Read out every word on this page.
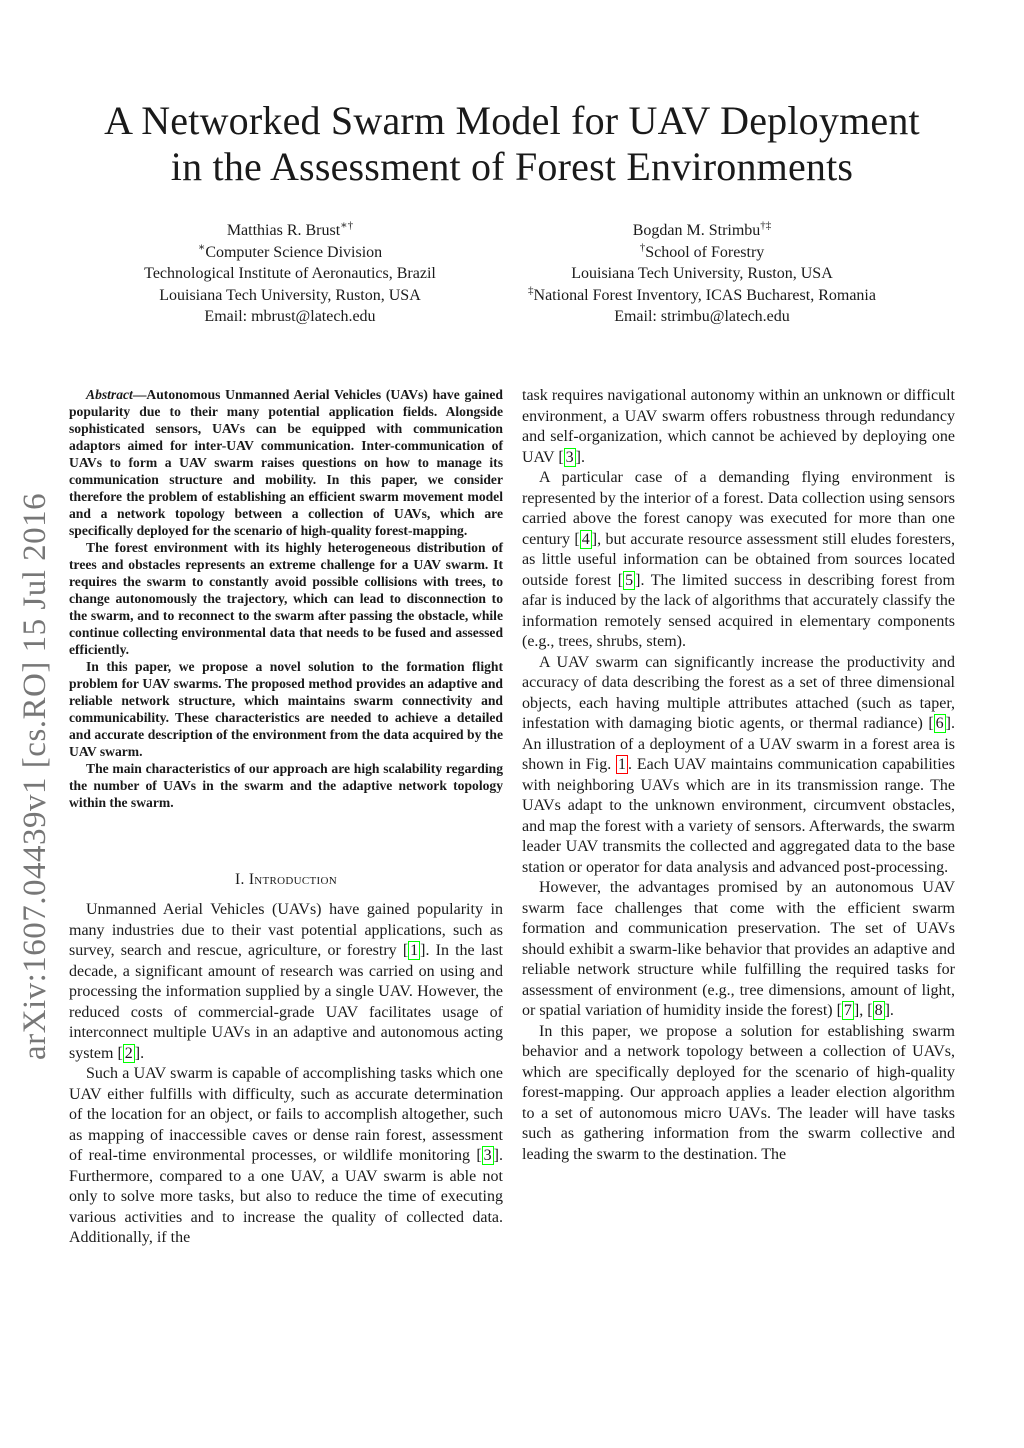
A Networked Swarm Model for UAV Deployment
in the Assessment of Forest Environments
Matthias R. Brust∗†
∗Computer Science Division
Technological Institute of Aeronautics, Brazil
Louisiana Tech University, Ruston, USA
Email: mbrust@latech.edu
Bogdan M. Strimbu†‡
†School of Forestry
Louisiana Tech University, Ruston, USA
‡National Forest Inventory, ICAS Bucharest, Romania
Email: strimbu@latech.edu
arXiv:1607.04439v1 [cs.RO] 15 Jul 2016

Abstract—Autonomous Unmanned Aerial Vehicles (UAVs) have gained popularity due to their many potential application fields. Alongside sophisticated sensors, UAVs can be equipped with communication adaptors aimed for inter-UAV communication. Inter-communication of UAVs to form a UAV swarm raises questions on how to manage its communication structure and mobility. In this paper, we consider therefore the problem of establishing an efficient swarm movement model and a network topology between a collection of UAVs, which are specifically deployed for the scenario of high-quality forest-mapping.

The forest environment with its highly heterogeneous distribution of trees and obstacles represents an extreme challenge for a UAV swarm. It requires the swarm to constantly avoid possible collisions with trees, to change autonomously the trajectory, which can lead to disconnection to the swarm, and to reconnect to the swarm after passing the obstacle, while continue collecting environmental data that needs to be fused and assessed efficiently.

In this paper, we propose a novel solution to the formation flight problem for UAV swarms. The proposed method provides an adaptive and reliable network structure, which maintains swarm connectivity and communicability. These characteristics are needed to achieve a detailed and accurate description of the environment from the data acquired by the UAV swarm.

The main characteristics of our approach are high scalability regarding the number of UAVs in the swarm and the adaptive network topology within the swarm.

I. Introduction

Unmanned Aerial Vehicles (UAVs) have gained popularity in many industries due to their vast potential applications, such as survey, search and rescue, agriculture, or forestry [ 1 ]. In the last decade, a significant amount of research was carried on using and processing the information supplied by a single UAV. However, the reduced costs of commercial-grade UAV facilitates usage of interconnect multiple UAVs in an adaptive and autonomous acting system [ 2 ].

Such a UAV swarm is capable of accomplishing tasks which one UAV either fulfills with difficulty, such as accurate determination of the location for an object, or fails to accomplish altogether, such as mapping of inaccessible caves or dense rain forest, assessment of real-time environmental processes, or wildlife monitoring [ 3 ]. Furthermore, compared to a one UAV, a UAV swarm is able not only to solve more tasks, but also to reduce the time of executing various activities and to increase the quality of collected data. Additionally, if the

task requires navigational autonomy within an unknown or difficult environment, a UAV swarm offers robustness through redundancy and self-organization, which cannot be achieved by deploying one UAV [ 3 ].

A particular case of a demanding flying environment is represented by the interior of a forest. Data collection using sensors carried above the forest canopy was executed for more than one century [ 4 ], but accurate resource assessment still eludes foresters, as little useful information can be obtained from sources located outside forest [ 5 ]. The limited success in describing forest from afar is induced by the lack of algorithms that accurately classify the information remotely sensed acquired in elementary components (e.g., trees, shrubs, stem).

A UAV swarm can significantly increase the productivity and accuracy of data describing the forest as a set of three dimensional objects, each having multiple attributes attached (such as taper, infestation with damaging biotic agents, or thermal radiance) [ 6 ]. An illustration of a deployment of a UAV swarm in a forest area is shown in Fig. 1 . Each UAV maintains communication capabilities with neighboring UAVs which are in its transmission range. The UAVs adapt to the unknown environment, circumvent obstacles, and map the forest with a variety of sensors. Afterwards, the swarm leader UAV transmits the collected and aggregated data to the base station or operator for data analysis and advanced post-processing.

However, the advantages promised by an autonomous UAV swarm face challenges that come with the efficient swarm formation and communication preservation. The set of UAVs should exhibit a swarm-like behavior that provides an adaptive and reliable network structure while fulfilling the required tasks for assessment of environment (e.g., tree dimensions, amount of light, or spatial variation of humidity inside the forest) [ 7 ], [ 8 ].

In this paper, we propose a solution for establishing swarm behavior and a network topology between a collection of UAVs, which are specifically deployed for the scenario of high-quality forest-mapping. Our approach applies a leader election algorithm to a set of autonomous micro UAVs. The leader will have tasks such as gathering information from the swarm collective and leading the swarm to the destination. The
